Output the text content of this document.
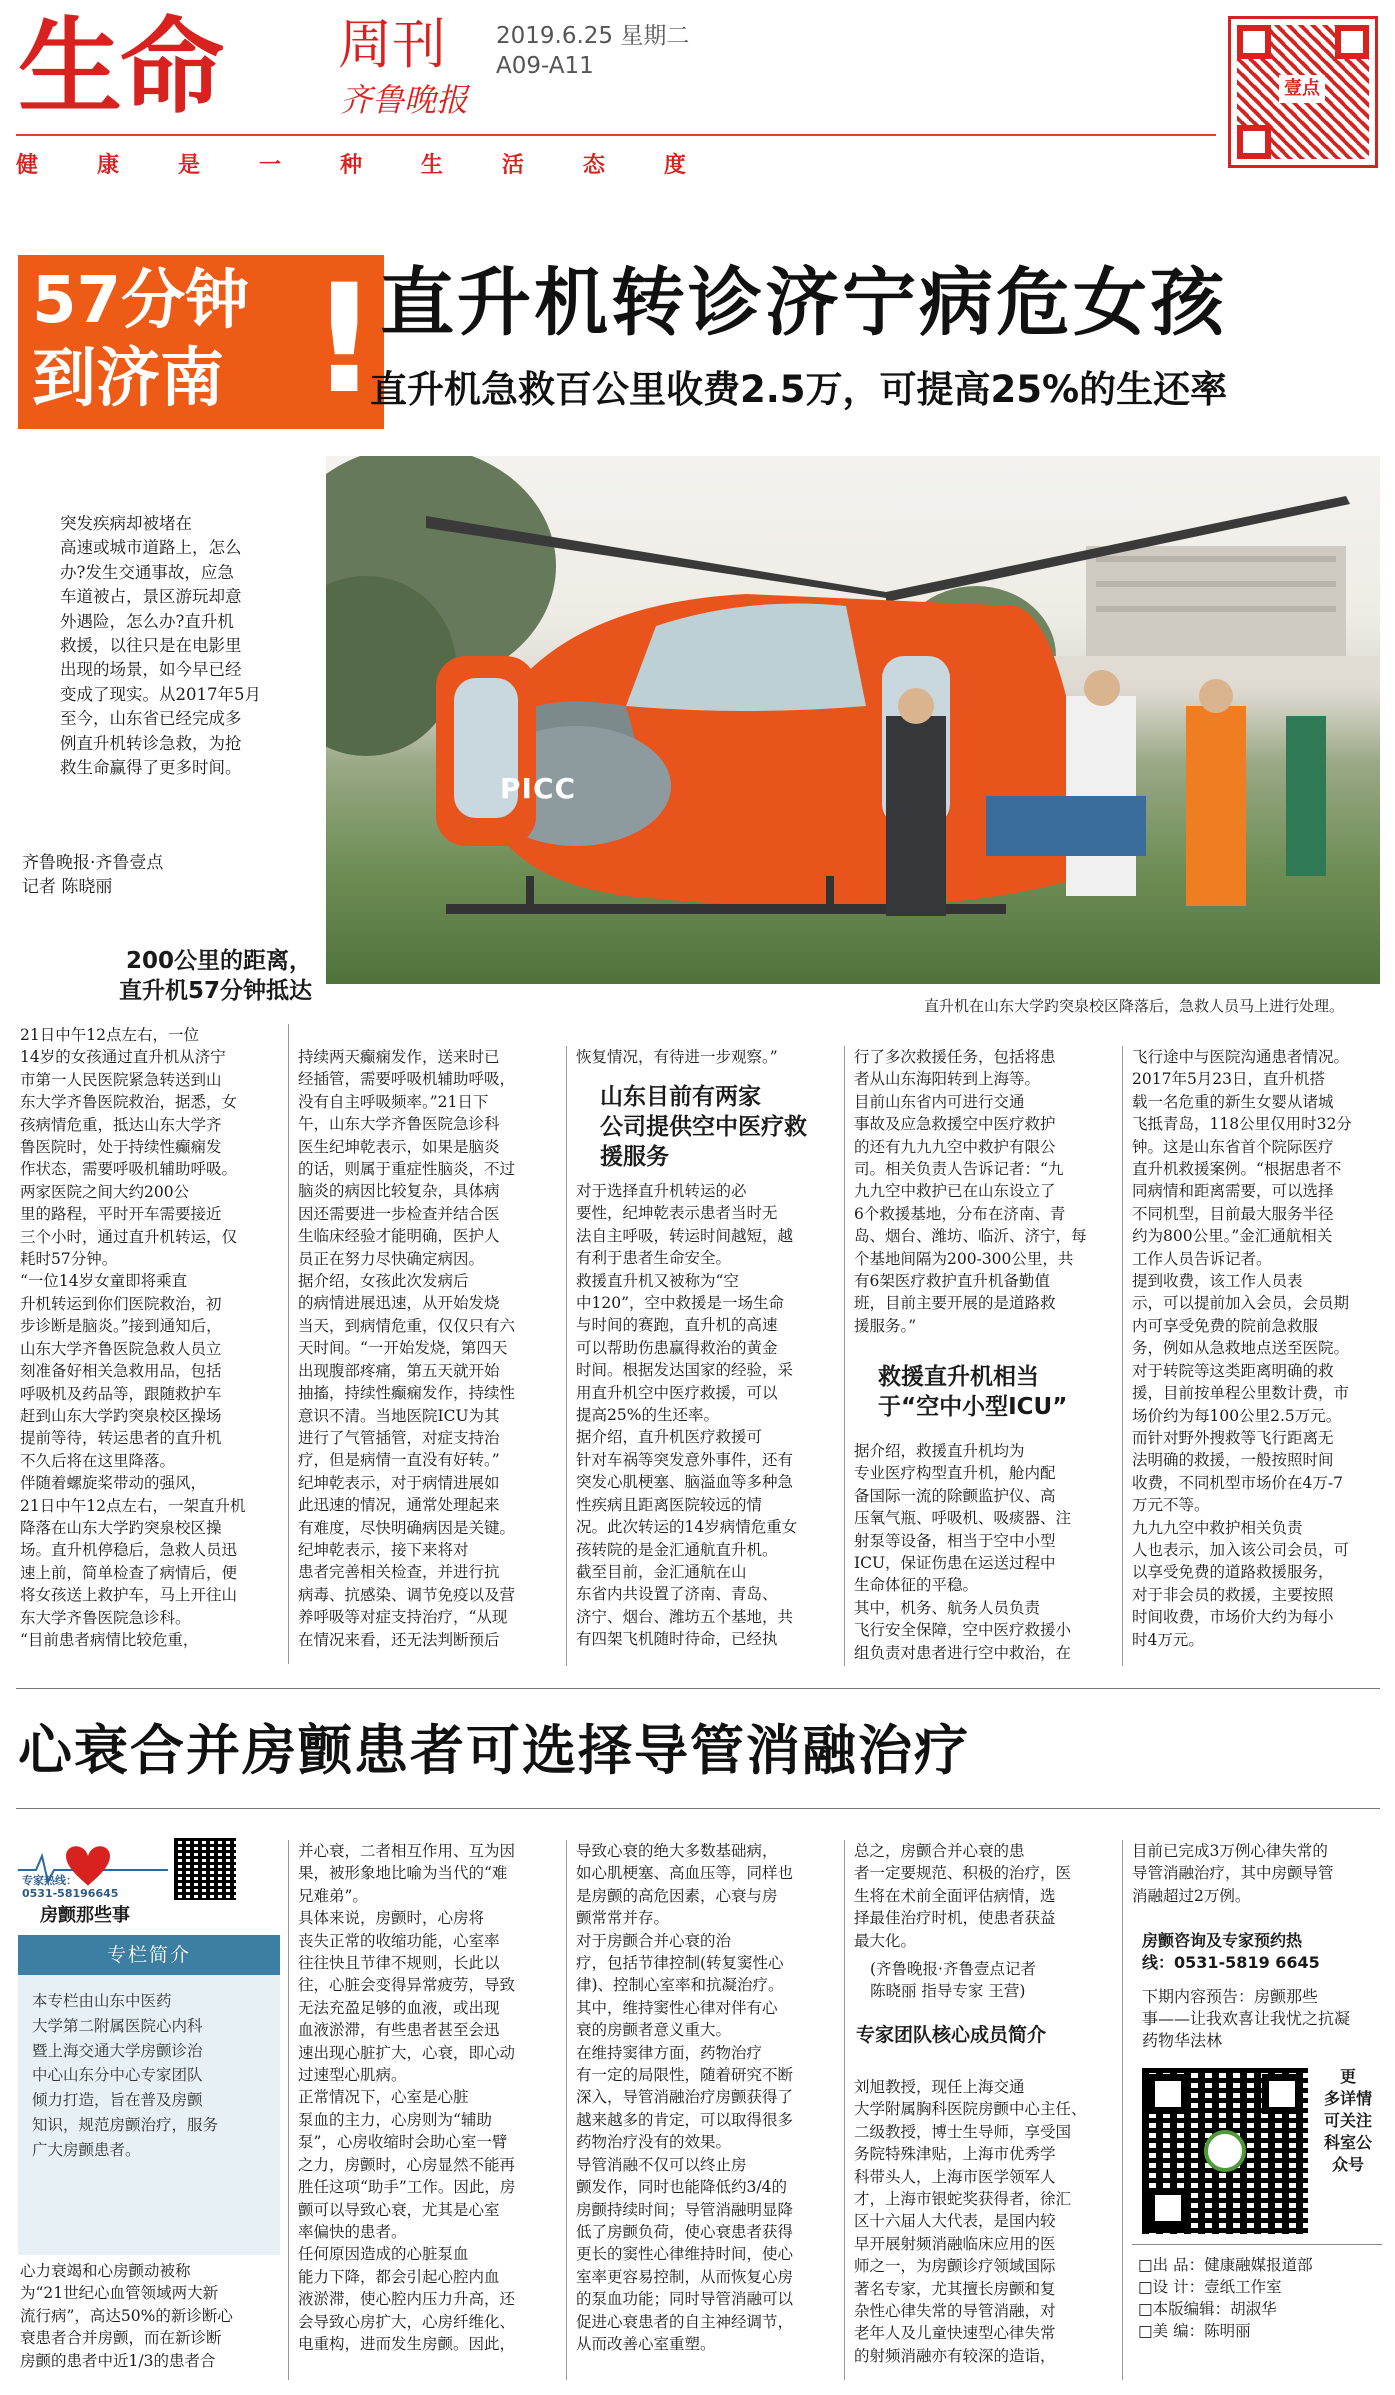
生命 周刊
齐鲁晚报
2019.6.25 星期二
A09-A11
健	康	是	一	种	生	活	态	度
壹点
57分钟
到济南 ! 直升机转诊济宁病危女孩
直升机急救百公里收费2.5万，可提高25%的生还率

突发疾病却被堵在
高速或城市道路上，怎么
办?发生交通事故，应急
车道被占，景区游玩却意
外遇险，怎么办?直升机
救援，以往只是在电影里
出现的场景，如今早已经
变成了现实。从2017年5月
至今，山东省已经完成多
例直升机转诊急救，为抢
救生命赢得了更多时间。

齐鲁晚报·齐鲁壹点
记者 陈晓丽
PICC
直升机在山东大学趵突泉校区降落后，急救人员马上进行处理。
200公里的距离，
直升机57分钟抵达

21日中午12点左右，一位
14岁的女孩通过直升机从济宁
市第一人民医院紧急转送到山
东大学齐鲁医院救治，据悉，女
孩病情危重，抵达山东大学齐
鲁医院时，处于持续性癫痫发
作状态，需要呼吸机辅助呼吸。
两家医院之间大约200公
里的路程，平时开车需要接近
三个小时，通过直升机转运，仅
耗时57分钟。
“一位14岁女童即将乘直
升机转运到你们医院救治，初
步诊断是脑炎。”接到通知后，
山东大学齐鲁医院急救人员立
刻准备好相关急救用品，包括
呼吸机及药品等，跟随救护车
赶到山东大学趵突泉校区操场
提前等待，转运患者的直升机
不久后将在这里降落。
伴随着螺旋桨带动的强风，
21日中午12点左右，一架直升机
降落在山东大学趵突泉校区操
场。直升机停稳后，急救人员迅
速上前，简单检查了病情后，便
将女孩送上救护车，马上开往山
东大学齐鲁医院急诊科。
“目前患者病情比较危重，

持续两天癫痫发作，送来时已
经插管，需要呼吸机辅助呼吸，
没有自主呼吸频率。”21日下
午，山东大学齐鲁医院急诊科
医生纪坤乾表示，如果是脑炎
的话，则属于重症性脑炎，不过
脑炎的病因比较复杂，具体病
因还需要进一步检查并结合医
生临床经验才能明确，医护人
员正在努力尽快确定病因。
据介绍，女孩此次发病后
的病情进展迅速，从开始发烧
当天，到病情危重，仅仅只有六
天时间。“一开始发烧，第四天
出现腹部疼痛，第五天就开始
抽搐，持续性癫痫发作，持续性
意识不清。当地医院ICU为其
进行了气管插管，对症支持治
疗，但是病情一直没有好转。”
纪坤乾表示，对于病情进展如
此迅速的情况，通常处理起来
有难度，尽快明确病因是关键。
纪坤乾表示，接下来将对
患者完善相关检查，并进行抗
病毒、抗感染、调节免疫以及营
养呼吸等对症支持治疗，“从现
在情况来看，还无法判断预后

恢复情况，有待进一步观察。”

山东目前有两家
公司提供空中医疗救
援服务

对于选择直升机转运的必
要性，纪坤乾表示患者当时无
法自主呼吸，转运时间越短，越
有利于患者生命安全。
救援直升机又被称为“空
中120”，空中救援是一场生命
与时间的赛跑，直升机的高速
可以帮助伤患赢得救治的黄金
时间。根据发达国家的经验，采
用直升机空中医疗救援，可以
提高25%的生还率。
据介绍，直升机医疗救援可
针对车祸等突发意外事件，还有
突发心肌梗塞、脑溢血等多种急
性疾病且距离医院较远的情
况。此次转运的14岁病情危重女
孩转院的是金汇通航直升机。
截至目前，金汇通航在山
东省内共设置了济南、青岛、
济宁、烟台、潍坊五个基地，共
有四架飞机随时待命，已经执

行了多次救援任务，包括将患
者从山东海阳转到上海等。
目前山东省内可进行交通
事故及应急救援空中医疗救护
的还有九九九空中救护有限公
司。相关负责人告诉记者：“九
九九空中救护已在山东设立了
6个救援基地，分布在济南、青
岛、烟台、潍坊、临沂、济宁，每
个基地间隔为200-300公里，共
有6架医疗救护直升机备勤值
班，目前主要开展的是道路救
援服务。”

救援直升机相当
于“空中小型ICU”

据介绍，救援直升机均为
专业医疗构型直升机，舱内配
备国际一流的除颤监护仪、高
压氧气瓶、呼吸机、吸痰器、注
射泵等设备，相当于空中小型
ICU，保证伤患在运送过程中
生命体征的平稳。
其中，机务、航务人员负责
飞行安全保障，空中医疗救援小
组负责对患者进行空中救治，在

飞行途中与医院沟通患者情况。
2017年5月23日，直升机搭
载一名危重的新生女婴从诸城
飞抵青岛，118公里仅用时32分
钟。这是山东省首个院际医疗
直升机救援案例。“根据患者不
同病情和距离需要，可以选择
不同机型，目前最大服务半径
约为800公里。”金汇通航相关
工作人员告诉记者。
提到收费，该工作人员表
示，可以提前加入会员，会员期
内可享受免费的院前急救服
务，例如从急救地点送至医院。
对于转院等这类距离明确的救
援，目前按单程公里数计费，市
场价约为每100公里2.5万元。
而针对野外搜救等飞行距离无
法明确的救援，一般按照时间
收费，不同机型市场价在4万-7
万元不等。
九九九空中救护相关负责
人也表示，加入该公司会员，可
以享受免费的道路救援服务，
对于非会员的救援，主要按照
时间收费，市场价大约为每小
时4万元。

心衰合并房颤患者可选择导管消融治疗
专家热线：
0531-58196645
房颤那些事
专栏简介

本专栏由山东中医药
大学第二附属医院心内科
暨上海交通大学房颤诊治
中心山东分中心专家团队
倾力打造，旨在普及房颤
知识，规范房颤治疗，服务
广大房颤患者。

心力衰竭和心房颤动被称
为“21世纪心血管领域两大新
流行病”，高达50%的新诊断心
衰患者合并房颤，而在新诊断
房颤的患者中近1/3的患者合

并心衰，二者相互作用、互为因
果，被形象地比喻为当代的“难
兄难弟”。
具体来说，房颤时，心房将
丧失正常的收缩功能，心室率
往往快且节律不规则，长此以
往，心脏会变得异常疲劳，导致
无法充盈足够的血液，或出现
血液淤滞，有些患者甚至会迅
速出现心脏扩大，心衰，即心动
过速型心肌病。
正常情况下，心室是心脏
泵血的主力，心房则为“辅助
泵”，心房收缩时会助心室一臂
之力，房颤时，心房显然不能再
胜任这项“助手”工作。因此，房
颤可以导致心衰，尤其是心室
率偏快的患者。
任何原因造成的心脏泵血
能力下降，都会引起心腔内血
液淤滞，使心腔内压力升高，还
会导致心房扩大，心房纤维化、
电重构，进而发生房颤。因此，

导致心衰的绝大多数基础病，
如心肌梗塞、高血压等，同样也
是房颤的高危因素，心衰与房
颤常常并存。
对于房颤合并心衰的治
疗，包括节律控制(转复窦性心
律)、控制心室率和抗凝治疗。
其中，维持窦性心律对伴有心
衰的房颤者意义重大。
在维持窦律方面，药物治疗
有一定的局限性，随着研究不断
深入，导管消融治疗房颤获得了
越来越多的肯定，可以取得很多
药物治疗没有的效果。
导管消融不仅可以终止房
颤发作，同时也能降低约3/4的
房颤持续时间；导管消融明显降
低了房颤负荷，使心衰患者获得
更长的窦性心律维持时间，使心
室率更容易控制，从而恢复心房
的泵血功能；同时导管消融可以
促进心衰患者的自主神经调节，
从而改善心室重塑。

总之，房颤合并心衰的患
者一定要规范、积极的治疗，医
生将在术前全面评估病情，选
择最佳治疗时机，使患者获益
最大化。

(齐鲁晚报·齐鲁壹点记者
陈晓丽 指导专家 王营)

专家团队核心成员简介

刘旭教授，现任上海交通
大学附属胸科医院房颤中心主任、
二级教授，博士生导师，享受国
务院特殊津贴，上海市优秀学
科带头人，上海市医学领军人
才，上海市银蛇奖获得者，徐汇
区十六届人大代表，是国内较
早开展射频消融临床应用的医
师之一，为房颤诊疗领域国际
著名专家，尤其擅长房颤和复
杂性心律失常的导管消融，对
老年人及儿童快速型心律失常
的射频消融亦有较深的造诣，

目前已完成3万例心律失常的
导管消融治疗，其中房颤导管
消融超过2万例。

房颤咨询及专家预约热
线：0531-5819 6645
下期内容预告：房颤那些
事——让我欢喜让我忧之抗凝
药物华法林
更
多详情
可关注
科室公
众号
□出 品：健康融媒报道部
□设 计：壹纸工作室
□本版编辑：胡淑华
□美 编：陈明丽
